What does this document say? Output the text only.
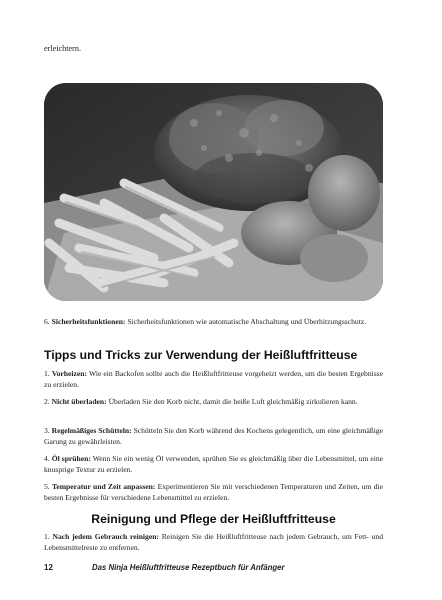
erleichtern.
6. Sicherheitsfunktionen: Sicherheitsfunktionen wie automatische Abschaltung und Überhitzungsschutz.
Tipps und Tricks zur Verwendung der Heißluftfritteuse
1. Vorheizen: Wie ein Backofen sollte auch die Heißluftfritteuse vorgeheizt werden, um die besten Ergebnisse zu erzielen.
2. Nicht überladen: Überladen Sie den Korb nicht, damit die heiße Luft gleichmäßig zirkulieren kann.
3. Regelmäßiges Schütteln: Schütteln Sie den Korb während des Kochens gelegentlich, um eine gleichmäßige Garung zu gewährleisten.
4. Öl sprühen: Wenn Sie ein wenig Öl verwenden, sprühen Sie es gleichmäßig über die Lebensmittel, um eine knusprige Textur zu erzielen.
5. Temperatur und Zeit anpassen: Experimentieren Sie mit verschiedenen Temperaturen und Zeiten, um die besten Ergebnisse für verschiedene Lebensmittel zu erzielen.
Reinigung und Pflege der Heißluftfritteuse
1. Nach jedem Gebrauch reinigen: Reinigen Sie die Heißluftfritteuse nach jedem Gebrauch, um Fett- und Lebensmittelreste zu entfernen.
12	Das Ninja Heißluftfritteuse Rezeptbuch für Anfänger
